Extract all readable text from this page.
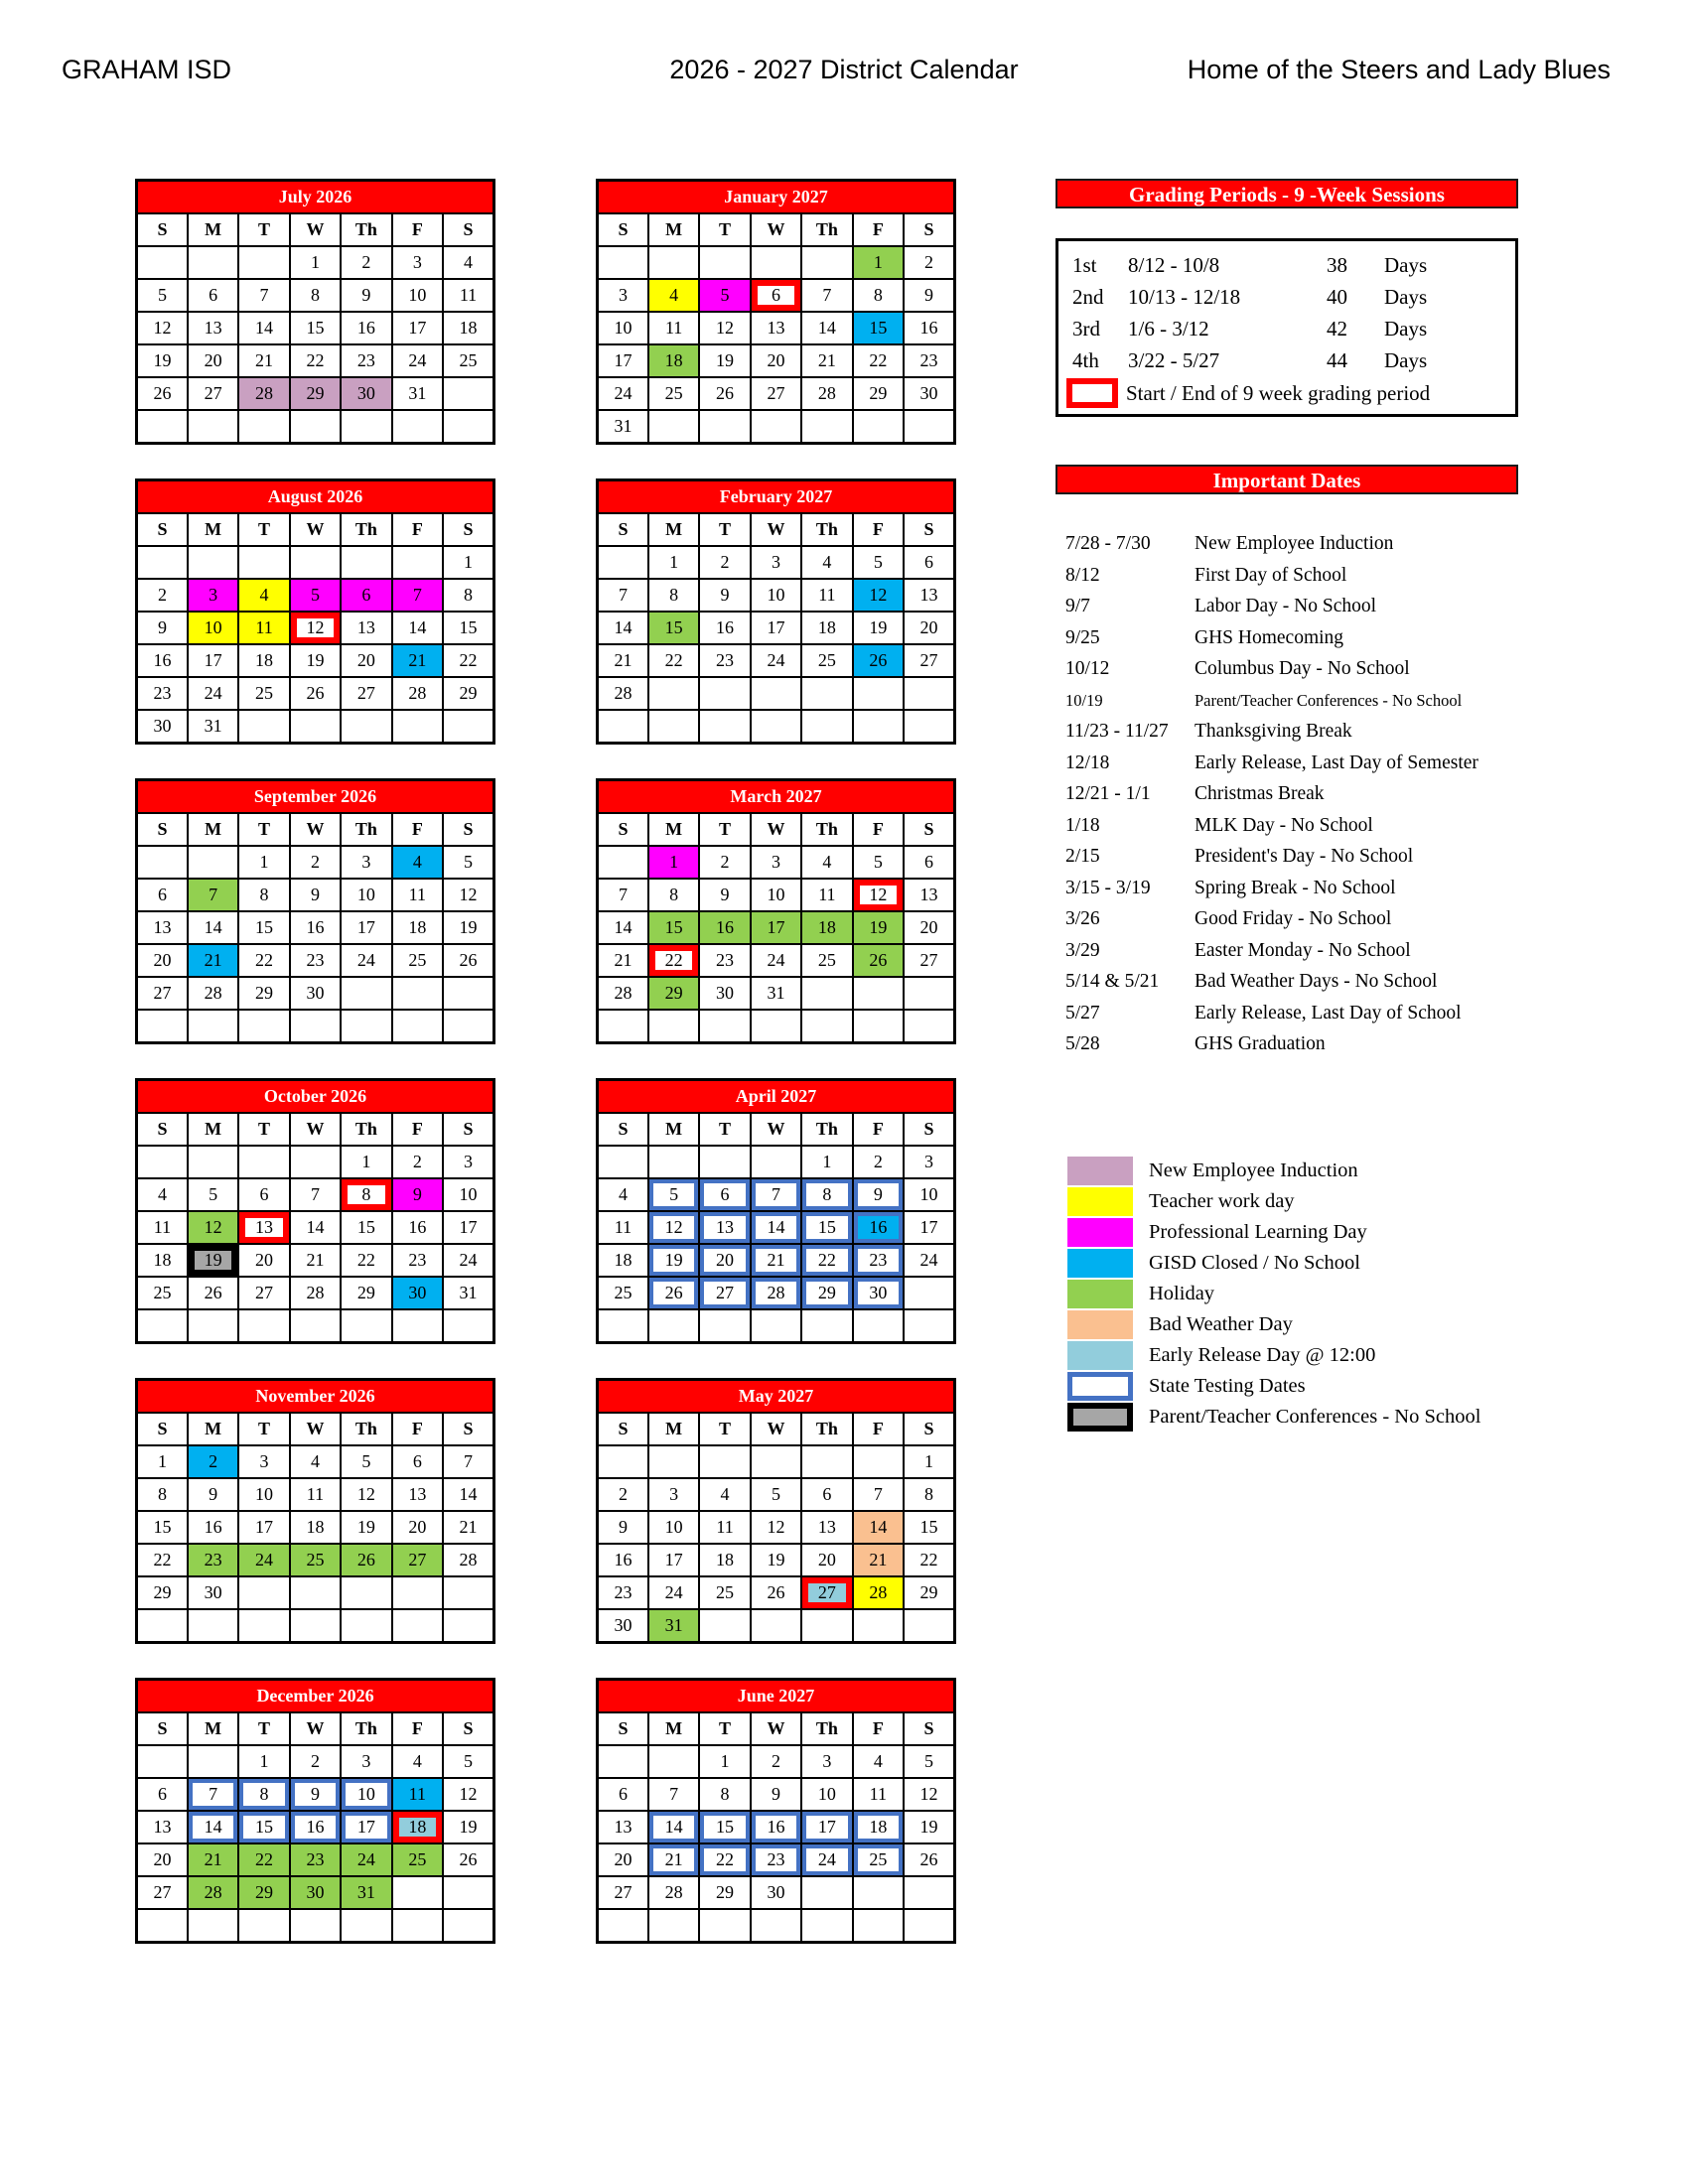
GRAHAM ISD	2026 - 2027 District Calendar	Home of the Steers and Lady Blues
July 2026						
S	M	T	W	Th	F	S
			1	2	3	4
5	6	7	8	9	10	11
12	13	14	15	16	17	18
19	20	21	22	23	24	25
26	27	28	29	30	31	

August 2026						
S	M	T	W	Th	F	S
						1
2	3	4	5	6	7	8
9	10	11	12	13	14	15
16	17	18	19	20	21	22
23	24	25	26	27	28	29
30	31					
September 2026						
S	M	T	W	Th	F	S
		1	2	3	4	5
6	7	8	9	10	11	12
13	14	15	16	17	18	19
20	21	22	23	24	25	26
27	28	29	30			

October 2026						
S	M	T	W	Th	F	S
				1	2	3
4	5	6	7	8	9	10
11	12	13	14	15	16	17
18	19	20	21	22	23	24
25	26	27	28	29	30	31

November 2026						
S	M	T	W	Th	F	S
1	2	3	4	5	6	7
8	9	10	11	12	13	14
15	16	17	18	19	20	21
22	23	24	25	26	27	28
29	30					

December 2026						
S	M	T	W	Th	F	S
		1	2	3	4	5
6	7	8	9	10	11	12
13	14	15	16	17	18	19
20	21	22	23	24	25	26
27	28	29	30	31		

January 2027						
S	M	T	W	Th	F	S
					1	2
3	4	5	6	7	8	9
10	11	12	13	14	15	16
17	18	19	20	21	22	23
24	25	26	27	28	29	30
31						
February 2027						
S	M	T	W	Th	F	S
	1	2	3	4	5	6
7	8	9	10	11	12	13
14	15	16	17	18	19	20
21	22	23	24	25	26	27
28						

March 2027						
S	M	T	W	Th	F	S
	1	2	3	4	5	6
7	8	9	10	11	12	13
14	15	16	17	18	19	20
21	22	23	24	25	26	27
28	29	30	31			

April 2027						
S	M	T	W	Th	F	S
				1	2	3
4	5	6	7	8	9	10
11	12	13	14	15	16	17
18	19	20	21	22	23	24
25	26	27	28	29	30	

May 2027						
S	M	T	W	Th	F	S
						1
2	3	4	5	6	7	8
9	10	11	12	13	14	15
16	17	18	19	20	21	22
23	24	25	26	27	28	29
30	31					
June 2027						
S	M	T	W	Th	F	S
		1	2	3	4	5
6	7	8	9	10	11	12
13	14	15	16	17	18	19
20	21	22	23	24	25	26
27	28	29	30			

Grading Periods - 9 -Week Sessions
1st	8/12 - 10/8	38	Days
2nd	10/13 - 12/18	40	Days
3rd	1/6 - 3/12	42	Days
4th	3/22 - 5/27	44	Days
Start / End of 9 week grading period
Important Dates
7/28 - 7/30	New Employee Induction
8/12	First Day of School
9/7	Labor Day - No School
9/25	GHS Homecoming
10/12	Columbus Day - No School
10/19	Parent/Teacher Conferences - No School
11/23 - 11/27	Thanksgiving Break
12/18	Early Release, Last Day of Semester
12/21 - 1/1	Christmas Break
1/18	MLK Day - No School
2/15	President's Day - No School
3/15 - 3/19	Spring Break - No School
3/26	Good Friday - No School
3/29	Easter Monday - No School
5/14 & 5/21	Bad Weather Days - No School
5/27	Early Release, Last Day of School
5/28	GHS Graduation
New Employee Induction
Teacher work day
Professional Learning Day
GISD Closed / No School
Holiday
Bad Weather Day
Early Release Day @ 12:00
State Testing Dates
Parent/Teacher Conferences - No School
